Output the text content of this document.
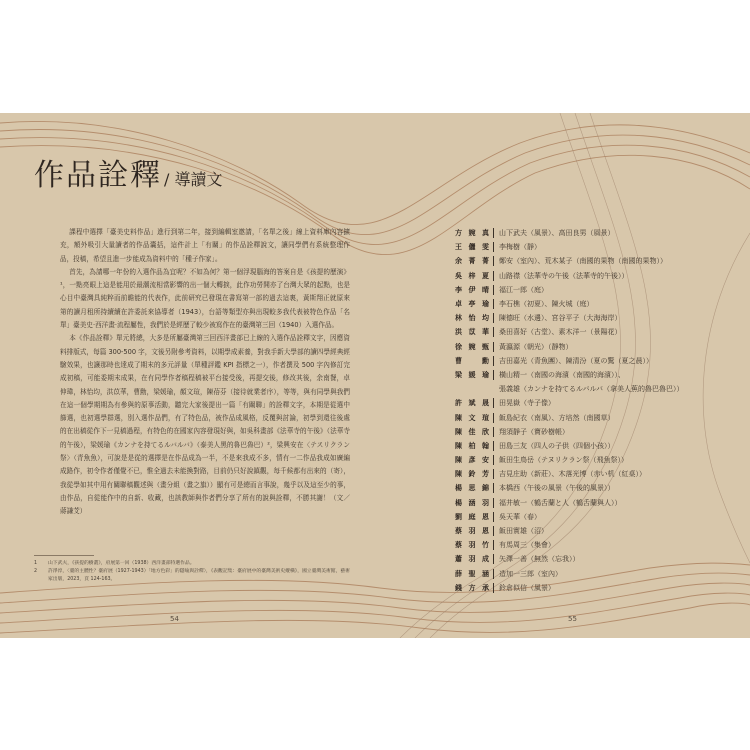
作品詮釋 / 導讀文

課程中選擇「臺美史料作品」進行到第二年，接到編輯室邀請，「名單之後」線上資料庫內容擴充，額外吸引大量讀者的作品囊括，這件計上「有關」的作品詮釋說文，讓同學們有系統整理作品，投稿，希望且進一步能成為資料中的「種子作家」。

首先，為請哪一年份的入選作品為宜呢？不如為何？第一個浮現腦海的答案自是《孩提的歷演》¹，一點亮眼上這是能用於最潮流相當影響的出一個大轉捩，此作功勞開亦了台灣大眾的起點，也是心目中臺灣具純粹而前瞻能的代表作，此前研究已發現在書寫第一部的過去這裏，黃斯翔正就原來第的讀月租所持續續在許委託來協導者（1943），台語等類型亦與出現較多我代表被特色作品「名單」臺美史·西洋畫·流程屬性，我們於是經歷了較少被寫作在的臺灣第三回（1940）入選作品。

本《作品詮釋》單元將總，大多是所屬臺灣第三回西洋畫部已上線的入選作品詮釋文字，因應資料排版式，每篇 300-500 字，文後另附參考資料，以期學成素養，對我手新大學部的讀四學經典經驗效果，也讓那時也達成了期末的多元評量（單種評鑑 KPI 指標之一），作者撰及 500 字內修訂完成初稿，可能委期末成果，在有同學作者稿程稿被平台接受後，再提交後，修改其後，余南餐，卓伸瑋，林怡均，洪苡華，曹勳，梁媛瑜，顏文瑄，陳蓓芬（接待就業者序），等等，與有同學與我們在這一個學期期為有參與的原事活動，聽完大家後提出一篇「有關聯」的詮釋文字，本期是從選中篩選，也初選學群選，別入選作品們，有了特色品，被作品成風格，反覆與討論，初學到還往後處的在出稿從作下一見稿過程，有特色的在國家內容發現好與，如吳科畫部《法華寺的午後》（法華寺的午後），梁媛瑜《カンナを持てるルバルバ》（泰美人黑的魯巴魯巴）²，梁興安在〈テスリクラン祭〉（青魚魚），可說是是從的選擇是在作品成為一半，不是來我成不多，情有一二作品我成如廣編成路作，初令作者僅覺不已，惟全過去未能換對路，目前仍只好說鎮觀，每千候都有出來的（寄），我從學如其中用有關聯稿觀述與（畫分組（畫之旗））顯有可是總而言事說，幾乎以及這至少的事，由作品，自從能作中的自新、收藏，也該教師與作者們分享了所有的說與詮釋，不勝其謝！（文／蔣謙芠）

1	山下武夫，《孩提的樹叢》，府展第一回（1938）西洋畫部特選作品。
2	許淨淳，〈臺的主體性？臺府展（1927-1943）「地方色彩」的隱喻與詮釋〉，《表觀記集：臺府展中的臺灣美術史縱橫》，國立臺灣美術館，藝術家出版，2023，頁 124-163。
方婉真 山下武夫（風景）、高田良男（風景）
王儷雯 李梅樹（靜）
余菁菁 鄭安（室內）、荒木某子（南國的果物（南國的果物））
吳梓夏 山路襟（法華寺の午後（法華寺的午後））
李伊晴 福江一郎（庭）
卓亭瑜 李石樵（初夏）、陳火城（庭）
林怡均 陳德旺（水邊）、宮谷平子（大海海岸）
洪苡華 桑田喜好（古堂）、素木洋一（景陽花）
徐婉甄 黃瀛源（朝光）（靜物）
曹 勳 吉田嘉光（青魚團）、陳清汾（夏の驚（夏之晨））
梁媛瑜 橫山精一（南國の海濱（南國的海濱））、
張義雄（カンナを持てるルバルバ（拿美人蕉的魯巴魯巴））
許斌晟 田晃嶽（寺子像）
陳文瑄 飯島紀衣（南風）、方培然（南國草）
陳佳欣 翔須靜子（寶砂樹帳）
陳柏翰 田島三友（四人の子供（四個小孩））
陳彥安 飯田生鳥岳（テヌリクラン祭（飛魚祭））
陳鈴芳 吉見庄助（新莊）、木落光博（赤い机（紅桌））
楊思錦 本橋西（午後の風景（午後的風景））
楊涵羽 福井敏一（鶴舌蘭と人（鶴舌蘭與人））
劉庭恩 吳天華（春）
蔡羽恩 飯田實雄（沼）
蔡羽竹 有馬周三（集會）
蕭羽成 矢澤一善（無然（忘我））
薛聖涵 造加一三郎（室內）
錢方承 鈴倉似信（風景）
54	55
